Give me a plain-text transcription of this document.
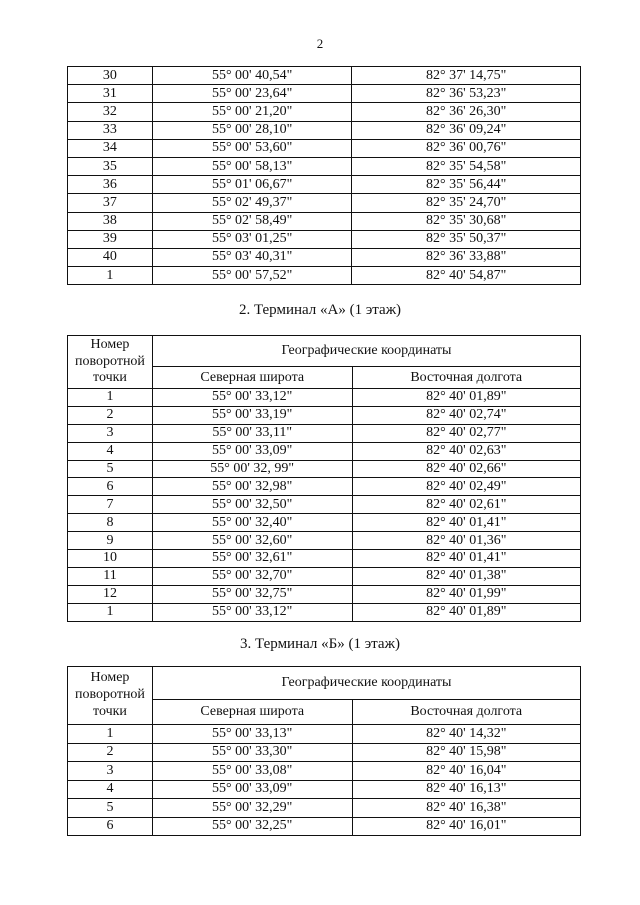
2
30	55° 00' 40,54"	82° 37' 14,75"
31	55° 00' 23,64"	82° 36' 53,23"
32	55° 00' 21,20"	82° 36' 26,30"
33	55° 00' 28,10"	82° 36' 09,24"
34	55° 00' 53,60"	82° 36' 00,76"
35	55° 00' 58,13"	82° 35' 54,58"
36	55° 01' 06,67"	82° 35' 56,44"
37	55° 02' 49,37"	82° 35' 24,70"
38	55° 02' 58,49"	82° 35' 30,68"
39	55° 03' 01,25"	82° 35' 50,37"
40	55° 03' 40,31"	82° 36' 33,88"
1	55° 00' 57,52"	82° 40' 54,87"
2. Терминал «А» (1 этаж)
Номер поворотной точки	Географические координаты	
	Северная широта	Восточная долгота
1	55° 00' 33,12"	82° 40' 01,89"
2	55° 00' 33,19"	82° 40' 02,74"
3	55° 00' 33,11"	82° 40' 02,77"
4	55° 00' 33,09"	82° 40' 02,63"
5	55° 00' 32, 99"	82° 40' 02,66"
6	55° 00' 32,98"	82° 40' 02,49"
7	55° 00' 32,50"	82° 40' 02,61"
8	55° 00' 32,40"	82° 40' 01,41"
9	55° 00' 32,60"	82° 40' 01,36"
10	55° 00' 32,61"	82° 40' 01,41"
11	55° 00' 32,70"	82° 40' 01,38"
12	55° 00' 32,75"	82° 40' 01,99"
1	55° 00' 33,12"	82° 40' 01,89"
3. Терминал «Б» (1 этаж)
Номер поворотной точки	Географические координаты	
	Северная широта	Восточная долгота
1	55° 00' 33,13"	82° 40' 14,32"
2	55° 00' 33,30"	82° 40' 15,98"
3	55° 00' 33,08"	82° 40' 16,04"
4	55° 00' 33,09"	82° 40' 16,13"
5	55° 00' 32,29"	82° 40' 16,38"
6	55° 00' 32,25"	82° 40' 16,01"
